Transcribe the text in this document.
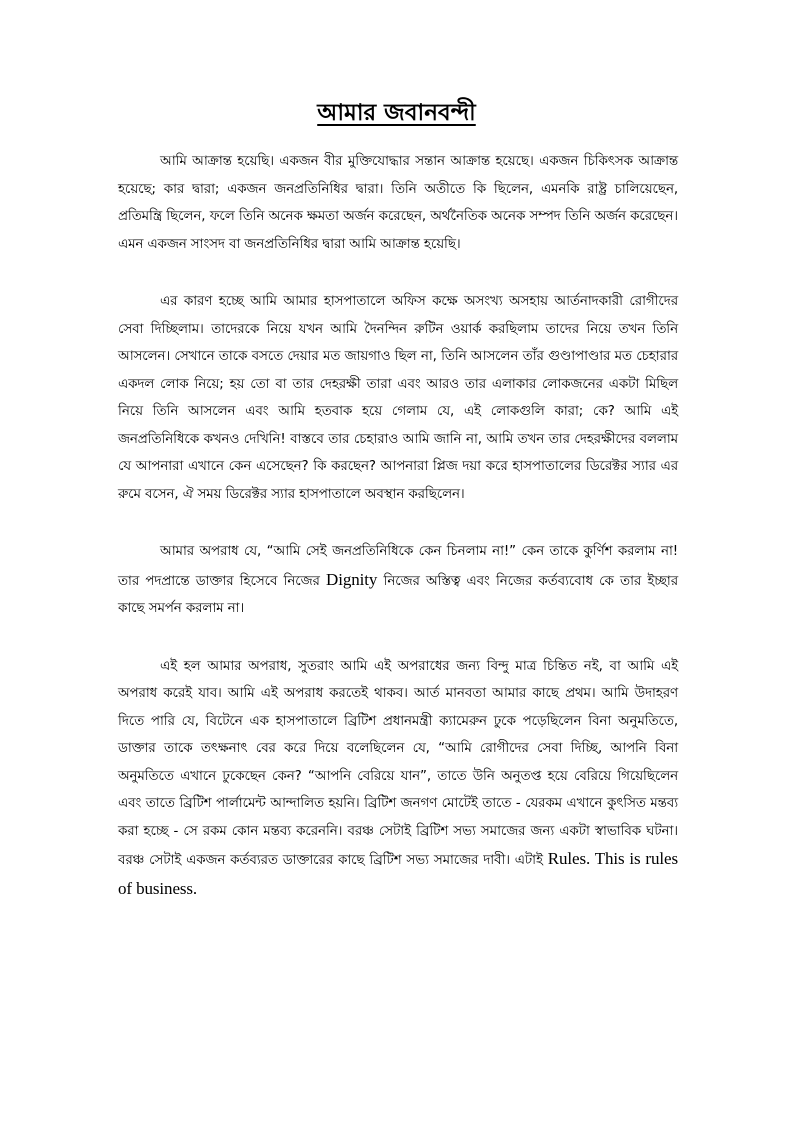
আমার জবানবন্দী

আমি আক্রান্ত হয়েছি। একজন বীর মুক্তিযোদ্ধার সন্তান আক্রান্ত হয়েছে। একজন চিকিৎসক আক্রান্ত হয়েছে; কার দ্বারা; একজন জনপ্রতিনিধির দ্বারা। তিনি অতীতে কি ছিলেন, এমনকি রাষ্ট্র চালিয়েছেন, প্রতিমন্ত্রি ছিলেন, ফলে তিনি অনেক ক্ষমতা অর্জন করেছেন, অর্থনৈতিক অনেক সম্পদ তিনি অর্জন করেছেন। এমন একজন সাংসদ বা জনপ্রতিনিধির দ্বারা আমি আক্রান্ত হয়েছি।

এর কারণ হচ্ছে আমি আমার হাসপাতালে অফিস কক্ষে অসংখ্য অসহায় আর্তনাদকারী রোগীদের সেবা দিচ্ছিলাম। তাদেরকে নিয়ে যখন আমি দৈনন্দিন রুটিন ওয়ার্ক করছিলাম তাদের নিয়ে তখন তিনি আসলেন। সেখানে তাকে বসতে দেয়ার মত জায়গাও ছিল না, তিনি আসলেন তাঁর গুণ্ডাপাণ্ডার মত চেহারার একদল লোক নিয়ে; হয় তো বা তার দেহরক্ষী তারা এবং আরও তার এলাকার লোকজনের একটা মিছিল নিয়ে তিনি আসলেন এবং আমি হতবাক হয়ে গেলাম যে, এই লোকগুলি কারা; কে? আমি এই জনপ্রতিনিধিকে কখনও দেখিনি! বাস্তবে তার চেহারাও আমি জানি না, আমি তখন তার দেহরক্ষীদের বললাম যে আপনারা এখানে কেন এসেছেন? কি করছেন? আপনারা প্লিজ দয়া করে হাসপাতালের ডিরেক্টর স্যার এর রুমে বসেন, ঐ সময় ডিরেক্টর স্যার হাসপাতালে অবস্থান করছিলেন।

আমার অপরাধ যে, “আমি সেই জনপ্রতিনিধিকে কেন চিনলাম না!” কেন তাকে কুর্ণিশ করলাম না! তার পদপ্রান্তে ডাক্তার হিসেবে নিজের Dignity নিজের অস্তিত্ব এবং নিজের কর্তব্যবোধ কে তার ইচ্ছার কাছে সমর্পন করলাম না।

এই হল আমার অপরাধ, সুতরাং আমি এই অপরাধের জন্য বিন্দু মাত্র চিন্তিত নই, বা আমি এই অপরাধ করেই যাব। আমি এই অপরাধ করতেই থাকব। আর্ত মানবতা আমার কাছে প্রথম। আমি উদাহরণ দিতে পারি যে, বিটেনে এক হাসপাতালে ব্রিটিশ প্রধানমন্ত্রী ক্যামেরুন ঢুকে পড়েছিলেন বিনা অনুমতিতে, ডাক্তার তাকে তৎক্ষনাৎ বের করে দিয়ে বলেছিলেন যে, “আমি রোগীদের সেবা দিচ্ছি, আপনি বিনা অনুমতিতে এখানে ঢুকেছেন কেন? “আপনি বেরিয়ে যান”, তাতে উনি অনুতপ্ত হয়ে বেরিয়ে গিয়েছিলেন এবং তাতে ব্রিটিশ পার্লামেন্ট আন্দালিত হয়নি। ব্রিটিশ জনগণ মোটেই তাতে - যেরকম এখানে কুৎসিত মন্তব্য করা হচ্ছে - সে রকম কোন মন্তব্য করেননি। বরঞ্চ সেটাই ব্রিটিশ সভ্য সমাজের জন্য একটা স্বাভাবিক ঘটনা। বরঞ্চ সেটাই একজন কর্তব্যরত ডাক্তারের কাছে ব্রিটিশ সভ্য সমাজের দাবী। এটাই Rules. This is rules of business.
